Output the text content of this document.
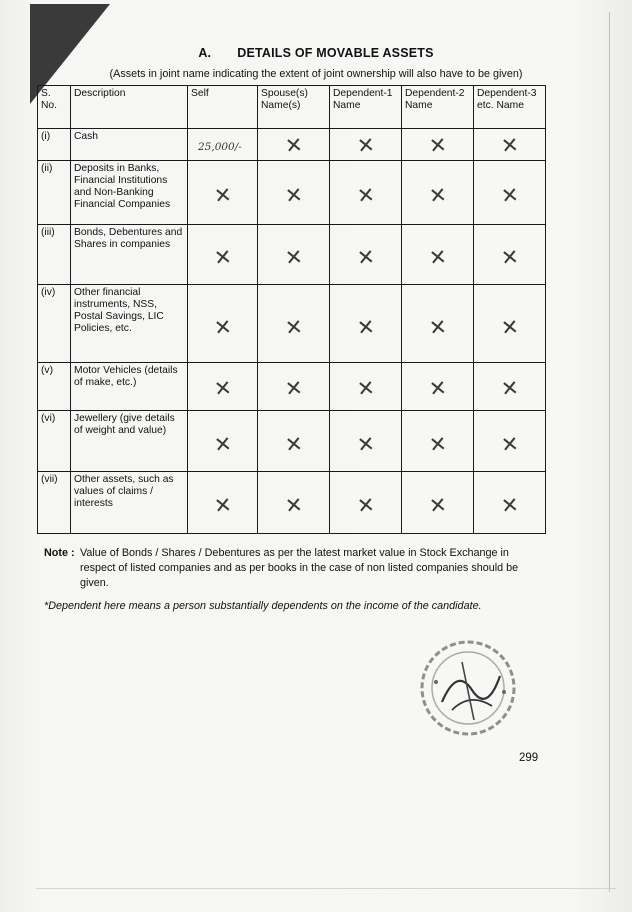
A. DETAILS OF MOVABLE ASSETS
(Assets in joint name indicating the extent of joint ownership will also have to be given)
S. No.	Description	Self	Spouse(s) Name(s)	Dependent-1 Name	Dependent-2 Name	Dependent-3 etc. Name
(i)	Cash	25,000/-	✕	✕	✕	✕

(ii)	Deposits in Banks, Financial Institutions and Non-Banking Financial Companies	✕	✕	✕	✕	✕

(iii)	Bonds, Debentures and Shares in companies	✕	✕	✕	✕	✕

(iv)	Other financial instruments, NSS, Postal Savings, LIC Policies, etc.	✕	✕	✕	✕	✕

(v)	Motor Vehicles (details of make, etc.)	✕	✕	✕	✕	✕

(vi)	Jewellery (give details of weight and value)	✕	✕	✕	✕	✕

(vii)	Other assets, such as values of claims / interests	✕	✕	✕	✕	✕
Note : Value of Bonds / Shares / Debentures as per the latest market value in Stock Exchange in respect of listed companies and as per books in the case of non listed companies should be given.
*Dependent here means a person substantially dependents on the income of the candidate.
299
